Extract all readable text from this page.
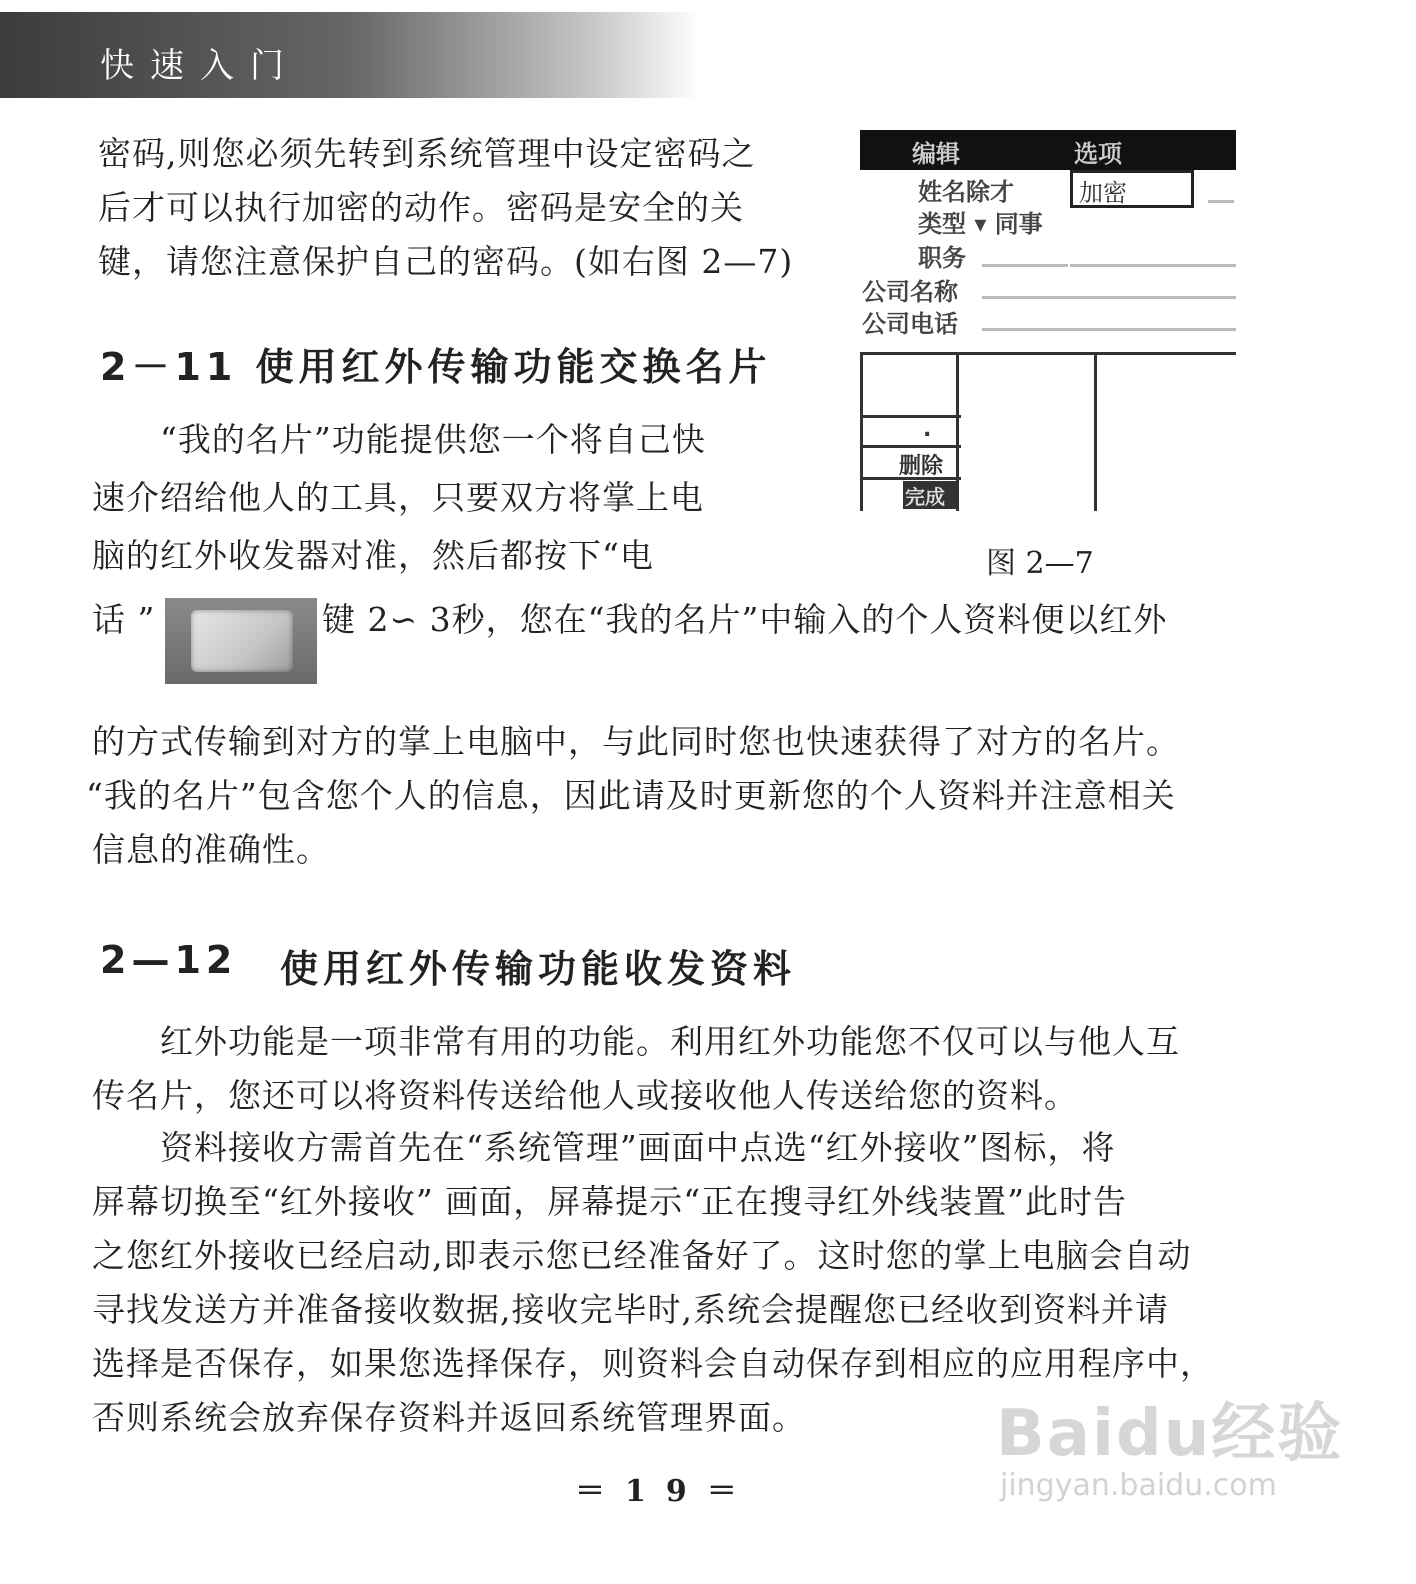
快速入门
密码,则您必须先转到系统管理中设定密码之
后才可以执行加密的动作。密码是安全的关
键，请您注意保护自己的密码。(如右图 2—7)
2－11 使用红外传输功能交换名片
“我的名片”功能提供您一个将自己快
速介绍给他人的工具，只要双方将掌上电
脑的红外收发器对准，然后都按下“电
话 ”	键 2∽ 3秒，您在“我的名片”中输入的个人资料便以红外
的方式传输到对方的掌上电脑中，与此同时您也快速获得了对方的名片。
“我的名片”包含您个人的信息，因此请及时更新您的个人资料并注意相关
信息的准确性。
2—12 使用红外传输功能收发资料
红外功能是一项非常有用的功能。利用红外功能您不仅可以与他人互
传名片，您还可以将资料传送给他人或接收他人传送给您的资料。
资料接收方需首先在“系统管理”画面中点选“红外接收”图标，将
屏幕切换至“红外接收” 画面，屏幕提示“正在搜寻红外线装置”此时告
之您红外接收已经启动,即表示您已经准备好了。这时您的掌上电脑会自动
寻找发送方并准备接收数据,接收完毕时,系统会提醒您已经收到资料并请
选择是否保存，如果您选择保存，则资料会自动保存到相应的应用程序中，
否则系统会放弃保存资料并返回系统管理界面。
编辑	选项
加密
姓名除才
类型 ▾ 同事
职务
公司名称
公司电话
.
删除
完成
图 2—7
＝19＝
Baidu经验
jingyan.baidu.com
